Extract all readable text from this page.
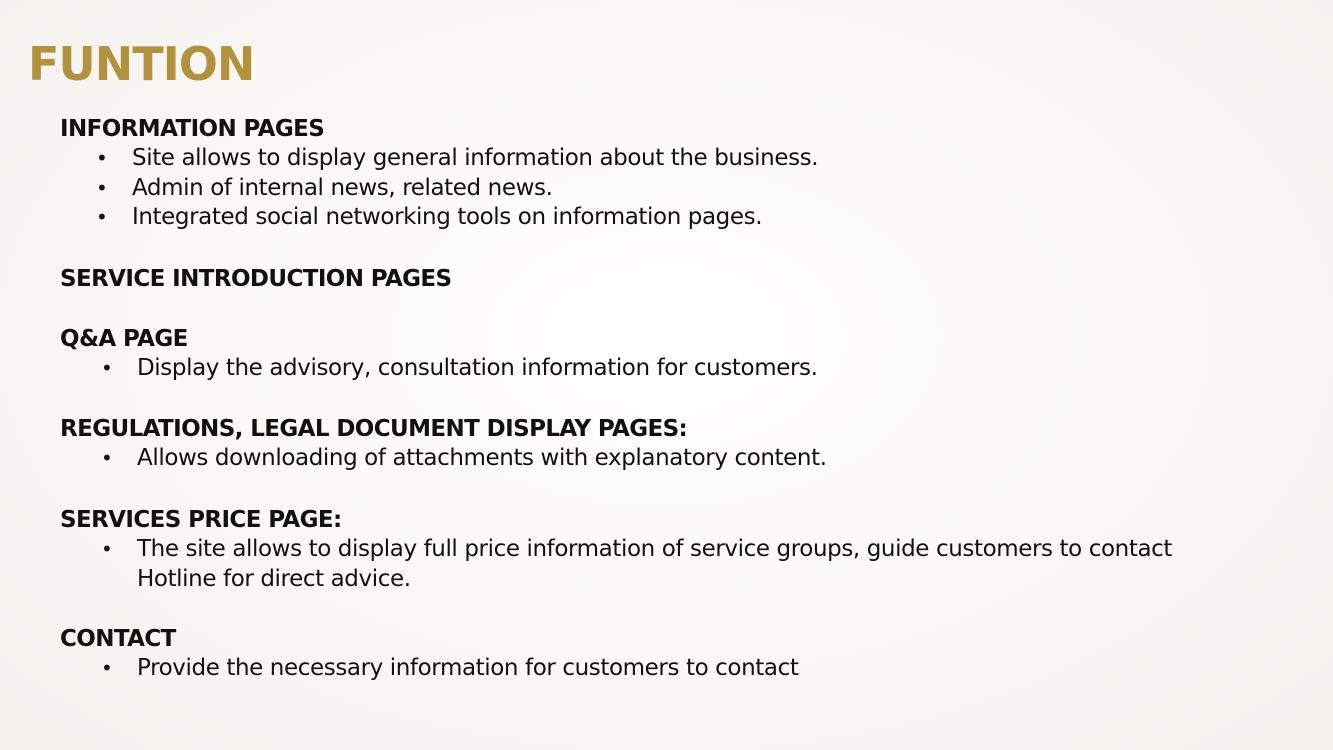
FUNTION
INFORMATION PAGES
• Site allows to display general information about the business.
• Admin of internal news, related news.
• Integrated social networking tools on information pages.
SERVICE INTRODUCTION PAGES
Q&A PAGE
• Display the advisory, consultation information for customers.
REGULATIONS, LEGAL DOCUMENT DISPLAY PAGES:
• Allows downloading of attachments with explanatory content.
SERVICES PRICE PAGE:
• The site allows to display full price information of service groups, guide customers to contact Hotline for direct advice.
CONTACT
• Provide the necessary information for customers to contact
